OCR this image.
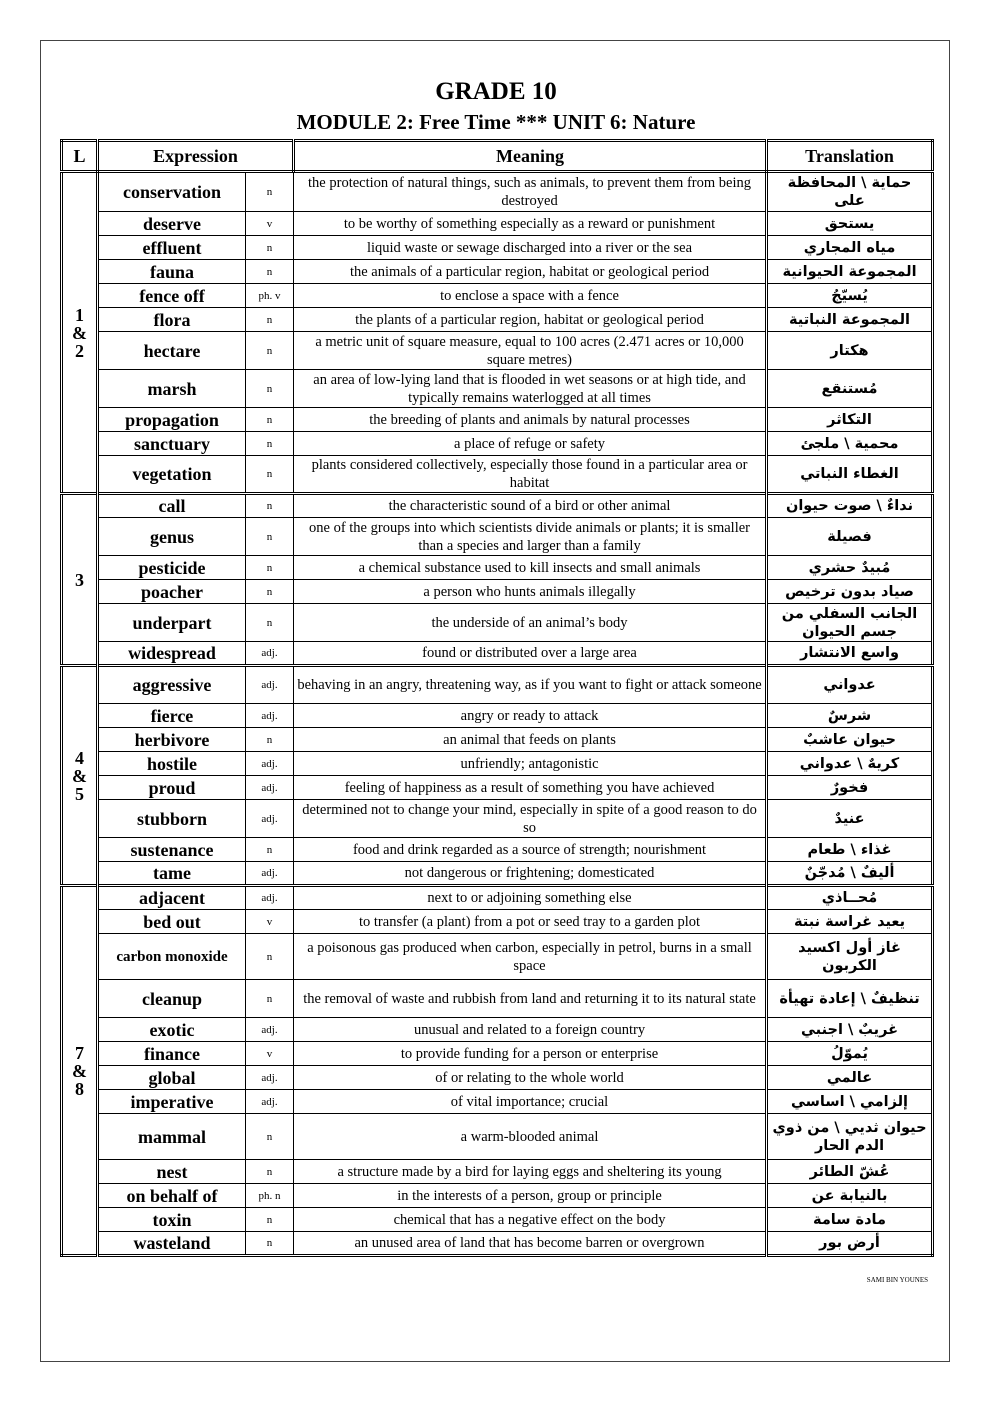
GRADE 10
MODULE 2: Free Time *** UNIT 6: Nature
L	Expression		Meaning	Translation

1
&
2	conservation	n	the protection of natural things, such as animals, to prevent them from being destroyed	حماية \ المحافظة على
	deserve	v	to be worthy of something especially as a reward or punishment	يستحق
	effluent	n	liquid waste or sewage discharged into a river or the sea	مياه المجاري
	fauna	n	the animals of a particular region, habitat or geological period	المجموعة الحيوانية
	fence off	ph. v	to enclose a space with a fence	يُسيّجُ
	flora	n	the plants of a particular region, habitat or geological period	المجموعة النباتية
	hectare	n	a metric unit of square measure, equal to 100 acres (2.471 acres or 10,000 square metres)	هكتار
	marsh	n	an area of low-lying land that is flooded in wet seasons or at high tide, and typically remains waterlogged at all times	مُستنقع
	propagation	n	the breeding of plants and animals by natural processes	التكاثر
	sanctuary	n	a place of refuge or safety	محمية \ ملجئ
	vegetation	n	plants considered collectively, especially those found in a particular area or habitat	الغطاء النباتي

3	call	n	the characteristic sound of a bird or other animal	نداءٌ \ صوت حيوان
	genus	n	one of the groups into which scientists divide animals or plants; it is smaller than a species and larger than a family	فصيلة
	pesticide	n	a chemical substance used to kill insects and small animals	مُبيدٌ حشري
	poacher	n	a person who hunts animals illegally	صياد بدون ترخيص
	underpart	n	the underside of an animal’s body	الجانب السفلي من جسم الحيوان
	widespread	adj.	found or distributed over a large area	واسع الانتشار

4
&
5	aggressive	adj.	behaving in an angry, threatening way, as if you want to fight or attack someone	عدواني
	fierce	adj.	angry or ready to attack	شرسٌ
	herbivore	n	an animal that feeds on plants	حيوان عاشبٌ
	hostile	adj.	unfriendly; antagonistic	كريهٌ \ عدواني
	proud	adj.	feeling of happiness as a result of something you have achieved	فخورٌ
	stubborn	adj.	determined not to change your mind, especially in spite of a good reason to do so	عنيدٌ
	sustenance	n	food and drink regarded as a source of strength; nourishment	غذاء \ طعام
	tame	adj.	not dangerous or frightening; domesticated	أليفٌ \ مُدجّنٌ

7
&
8	adjacent	adj.	next to or adjoining something else	مُحــاذي
	bed out	v	to transfer (a plant) from a pot or seed tray to a garden plot	يعيد غراسة نبتة
	carbon monoxide	n	a poisonous gas produced when carbon, especially in petrol, burns in a small space	غاز أول اكسيد الكربون
	cleanup	n	the removal of waste and rubbish from land and returning it to its natural state	تنظيفٌ \ إعادة تهيأة
	exotic	adj.	unusual and related to a foreign country	غريبٌ \ اجنبي
	finance	v	to provide funding for a person or enterprise	يُموّلُ
	global	adj.	of or relating to the whole world	عالمي
	imperative	adj.	of vital importance; crucial	إلزامي \ اساسي
	mammal	n	a warm-blooded animal	حيوان ثديي \ من ذوي الدم الحار
	nest	n	a structure made by a bird for laying eggs and sheltering its young	عُشّ الطائر
	on behalf of	ph. n	in the interests of a person, group or principle	بالنيابة عن
	toxin	n	chemical that has a negative effect on the body	مادة سامة
	wasteland	n	an unused area of land that has become barren or overgrown	أرض بور
SAMI BIN YOUNES
